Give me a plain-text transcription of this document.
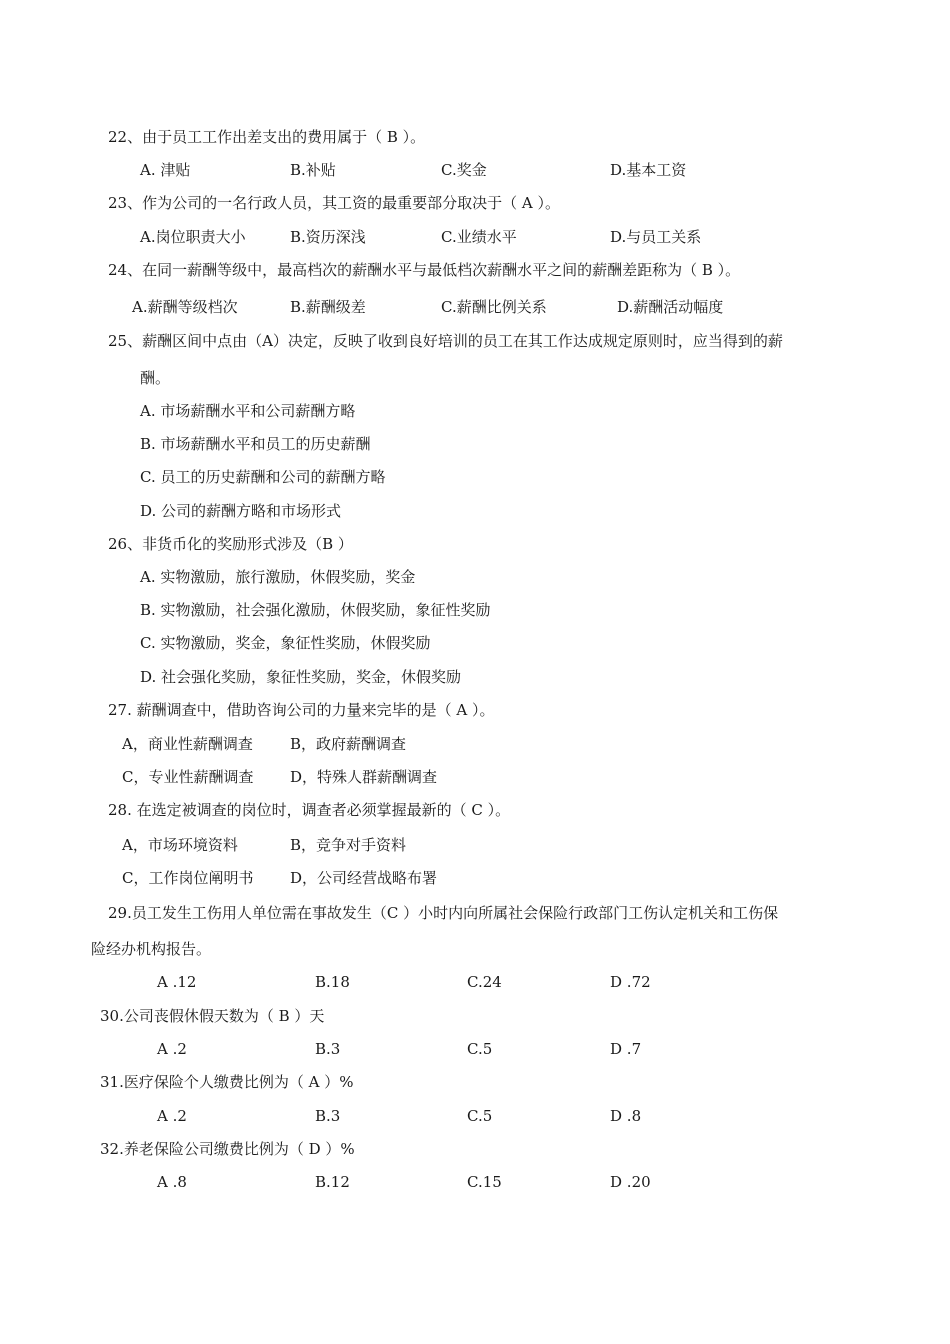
22、由于员工工作出差支出的费用属于（ B ）。
A. 津贴	B.补贴	C.奖金	D.基本工资
23、作为公司的一名行政人员，其工资的最重要部分取决于（ A ）。
A.岗位职责大小	B.资历深浅	C.业绩水平	D.与员工关系
24、在同一薪酬等级中，最高档次的薪酬水平与最低档次薪酬水平之间的薪酬差距称为（ B ）。
A.薪酬等级档次	B.薪酬级差	C.薪酬比例关系	D.薪酬活动幅度
25、薪酬区间中点由（A）决定，反映了收到良好培训的员工在其工作达成规定原则时，应当得到的薪
酬。
A. 市场薪酬水平和公司薪酬方略
B. 市场薪酬水平和员工的历史薪酬
C. 员工的历史薪酬和公司的薪酬方略
D. 公司的薪酬方略和市场形式
26、非货币化的奖励形式涉及（B ）
A. 实物激励，旅行激励，休假奖励，奖金
B. 实物激励，社会强化激励，休假奖励，象征性奖励
C. 实物激励，奖金，象征性奖励，休假奖励
D. 社会强化奖励，象征性奖励，奖金，休假奖励
27. 薪酬调查中，借助咨询公司的力量来完毕的是（ A ）。
A，商业性薪酬调查 B，政府薪酬调查
C，专业性薪酬调查 D，特殊人群薪酬调查
28. 在选定被调查的岗位时，调查者必须掌握最新的（ C ）。
A，市场环境资料	B，竞争对手资料
C，工作岗位阐明书 D，公司经营战略布署
29.员工发生工伤用人单位需在事故发生（C ）小时内向所属社会保险行政部门工伤认定机关和工伤保
险经办机构报告。
A .12	B.18	C.24	D .72
30.公司丧假休假天数为（ B ）天
A .2	B.3	C.5	D .7
31.医疗保险个人缴费比例为（ A ）%
A .2	B.3	C.5	D .8
32.养老保险公司缴费比例为（ D ）%
A .8	B.12	C.15	D .20
